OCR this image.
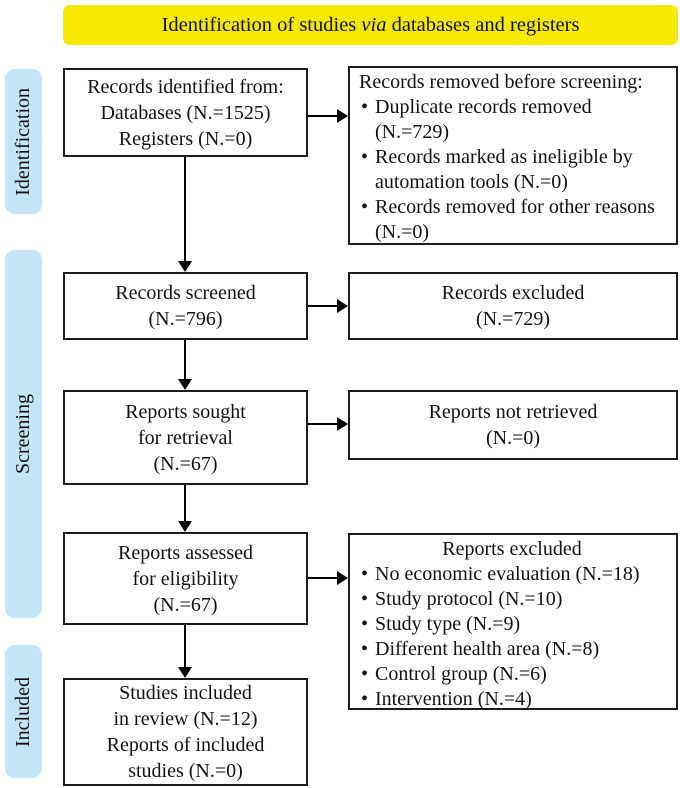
Identification of studies via databases and registers
Identification
Screening
Included
Records identified from:
Databases (N.=1525)
Registers (N.=0)
Records removed before screening:
• Duplicate records removed (N.=729)
• Records marked as ineligible by automation tools (N.=0)
• Records removed for other reasons (N.=0)
Records screened
(N.=796)
Records excluded
(N.=729)
Reports sought
for retrieval
(N.=67)
Reports not retrieved
(N.=0)
Reports assessed
for eligibility
(N.=67)
Reports excluded
• No economic evaluation (N.=18)
• Study protocol (N.=10)
• Study type (N.=9)
• Different health area (N.=8)
• Control group (N.=6)
• Intervention (N.=4)
Studies included
in review (N.=12)
Reports of included
studies (N.=0)
